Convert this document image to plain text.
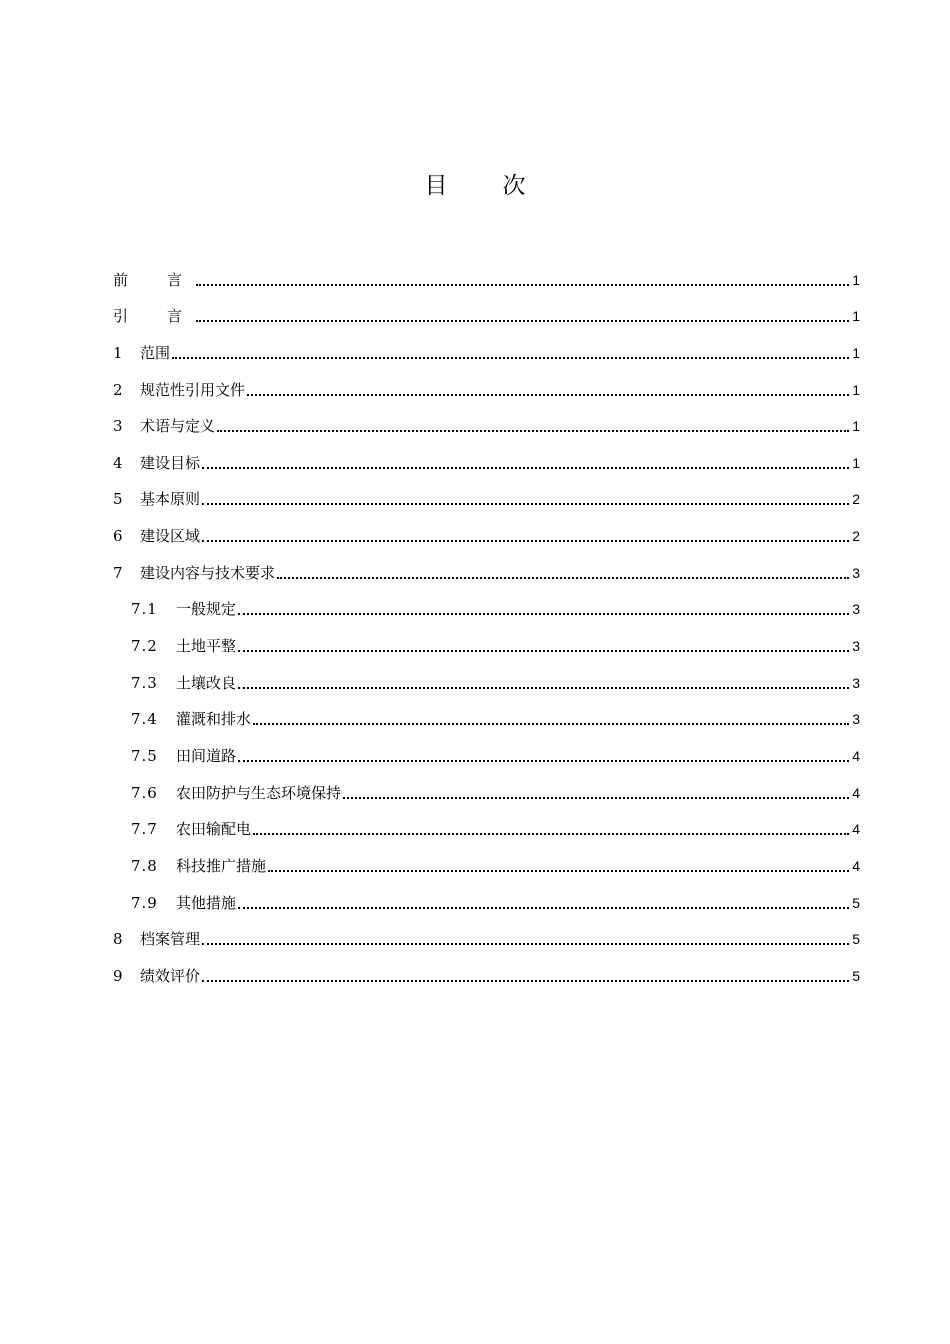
目　次
前　言	1
引　言	1
1	范围	1
2	规范性引用文件	1
3	术语与定义	1
4	建设目标	1
5	基本原则	2
6	建设区域	2
7	建设内容与技术要求	3
7.1	一般规定	3
7.2	土地平整	3
7.3	土壤改良	3
7.4	灌溉和排水	3
7.5	田间道路	4
7.6	农田防护与生态环境保持	4
7.7	农田输配电	4
7.8	科技推广措施	4
7.9	其他措施	5
8	档案管理	5
9	绩效评价	5
